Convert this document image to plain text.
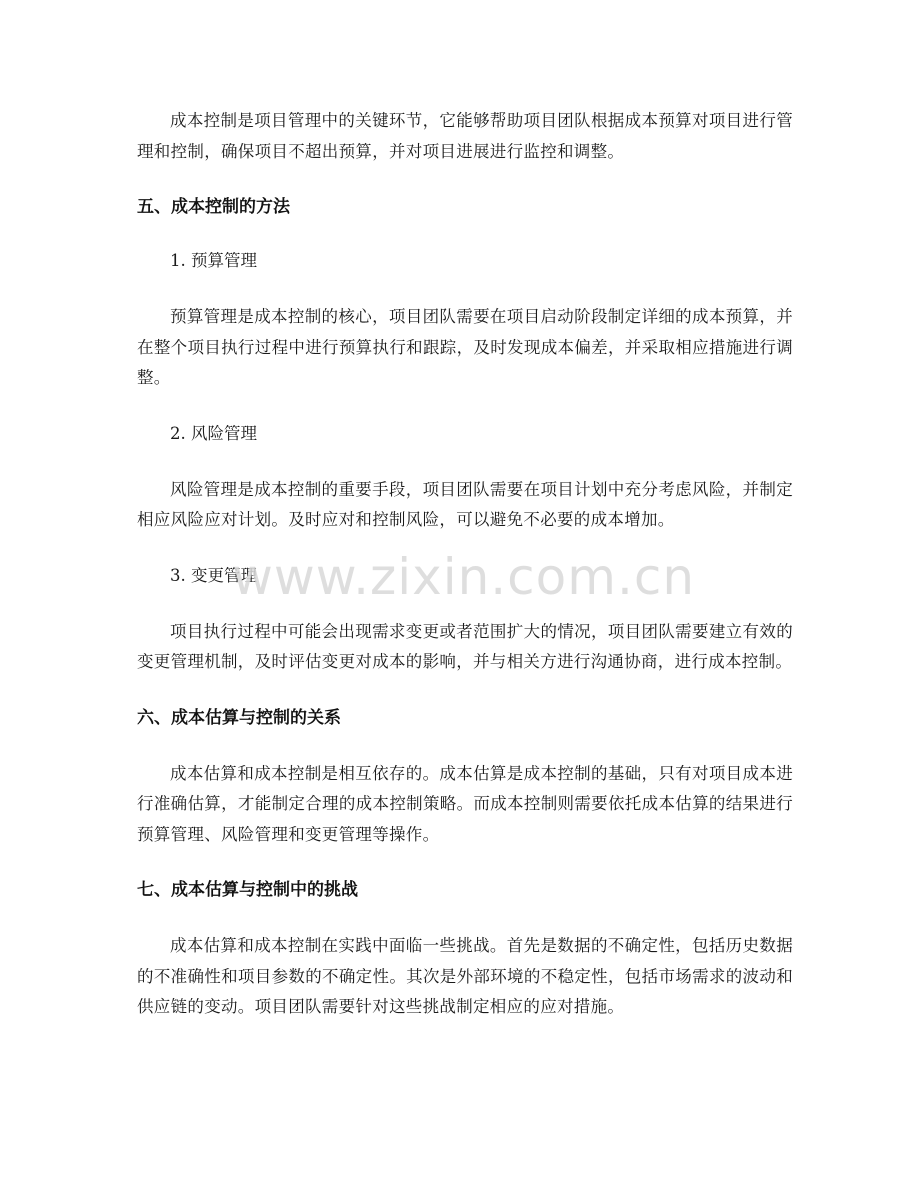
成本控制是项目管理中的关键环节，它能够帮助项目团队根据成本预算对项目进行管理和控制，确保项目不超出预算，并对项目进展进行监控和调整。

五、成本控制的方法
1. 预算管理

预算管理是成本控制的核心，项目团队需要在项目启动阶段制定详细的成本预算，并在整个项目执行过程中进行预算执行和跟踪，及时发现成本偏差，并采取相应措施进行调整。

2. 风险管理

风险管理是成本控制的重要手段，项目团队需要在项目计划中充分考虑风险，并制定相应风险应对计划。及时应对和控制风险，可以避免不必要的成本增加。

3. 变更管理

项目执行过程中可能会出现需求变更或者范围扩大的情况，项目团队需要建立有效的变更管理机制，及时评估变更对成本的影响，并与相关方进行沟通协商，进行成本控制。

六、成本估算与控制的关系

成本估算和成本控制是相互依存的。成本估算是成本控制的基础，只有对项目成本进行准确估算，才能制定合理的成本控制策略。而成本控制则需要依托成本估算的结果进行预算管理、风险管理和变更管理等操作。

七、成本估算与控制中的挑战

成本估算和成本控制在实践中面临一些挑战。首先是数据的不确定性，包括历史数据的不准确性和项目参数的不确定性。其次是外部环境的不稳定性，包括市场需求的波动和供应链的变动。项目团队需要针对这些挑战制定相应的应对措施。

www.zixin.com.cn
